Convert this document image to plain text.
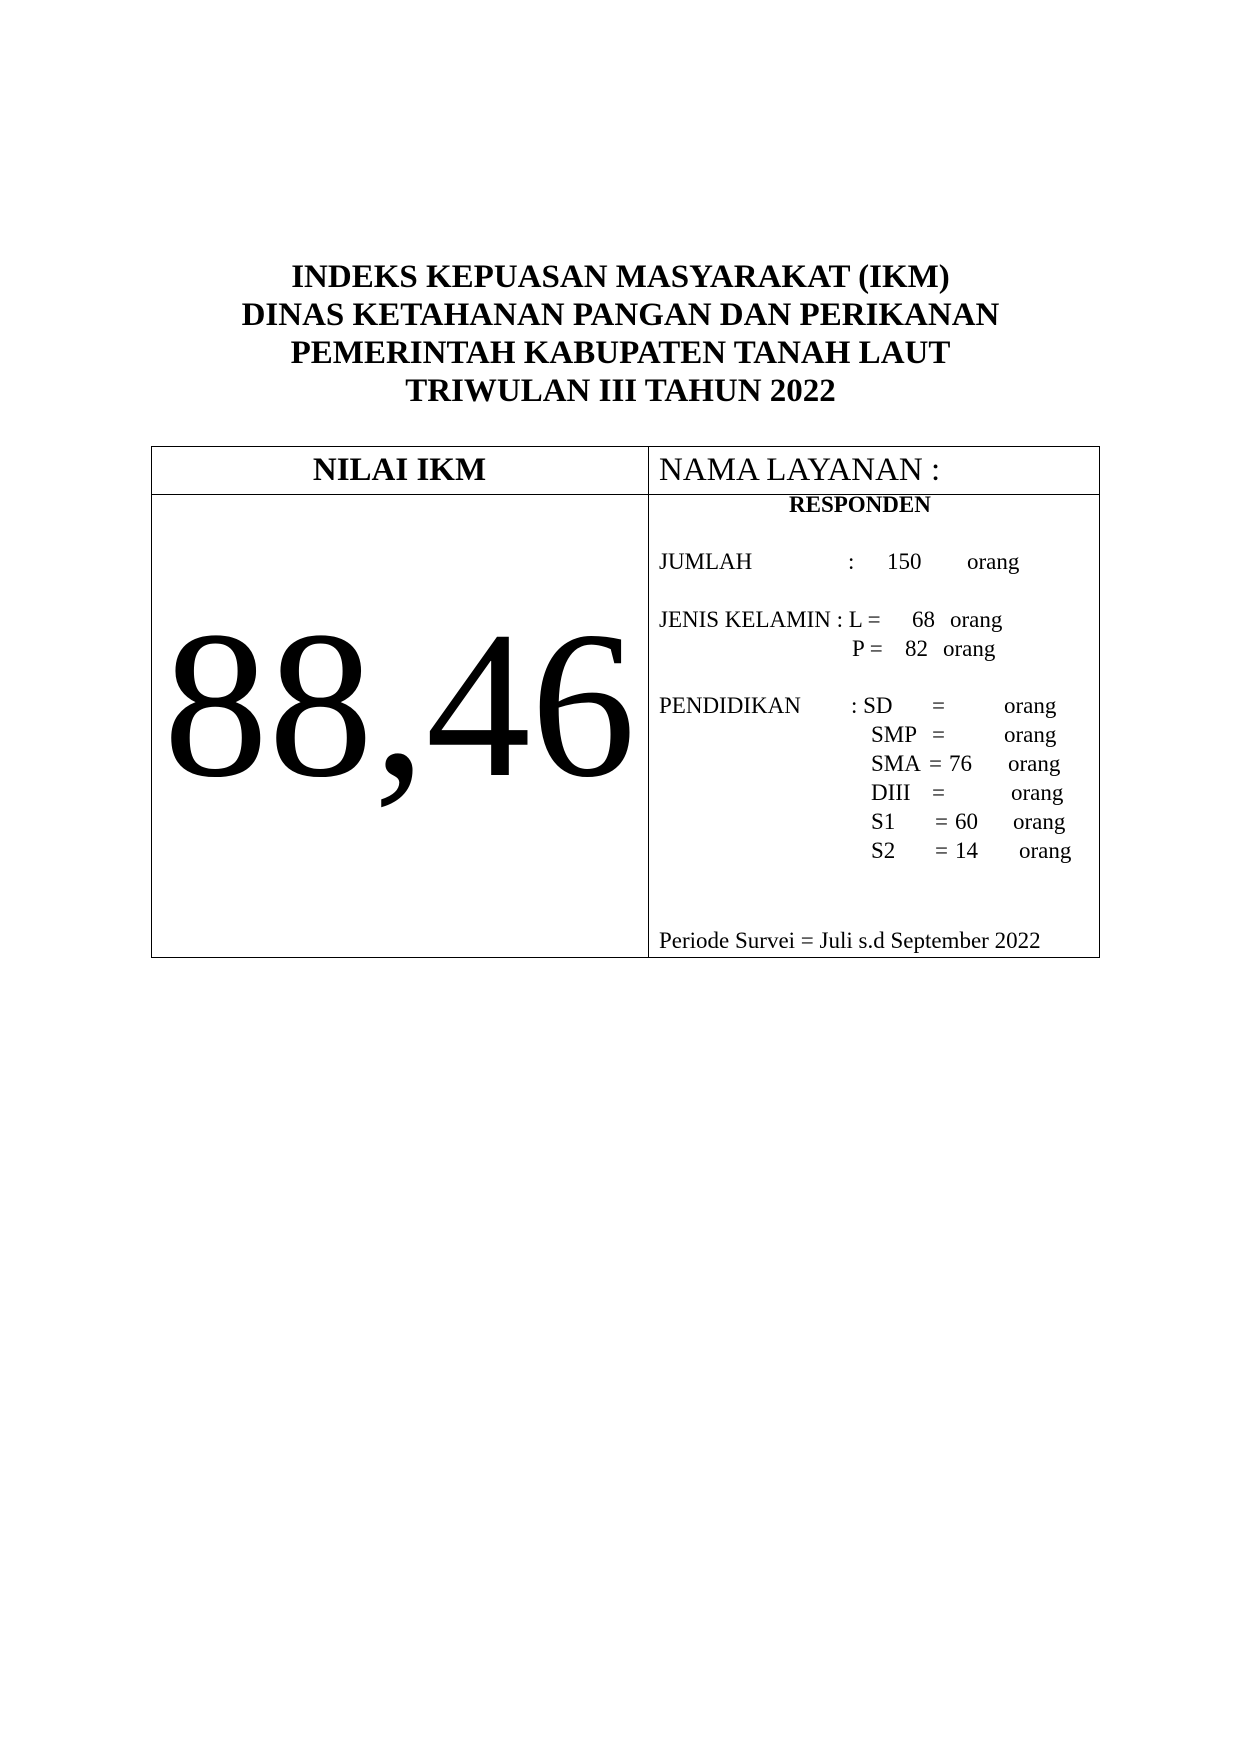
INDEKS KEPUASAN MASYARAKAT (IKM)
DINAS KETAHANAN PANGAN DAN PERIKANAN
PEMERINTAH KABUPATEN TANAH LAUT
TRIWULAN III TAHUN 2022
NILAI IKM	NAMA LAYANAN :
88,46
RESPONDEN
JUMLAH	: 150 orang
JENIS KELAMIN : L = 68 orang
P = 82 orang
PENDIDIKAN : SD =	orang
SMP =	orang
SMA = 76 orang
DIII =	orang
S1 = 60 orang
S2 = 14 orang
Periode Survei = Juli s.d September 2022
